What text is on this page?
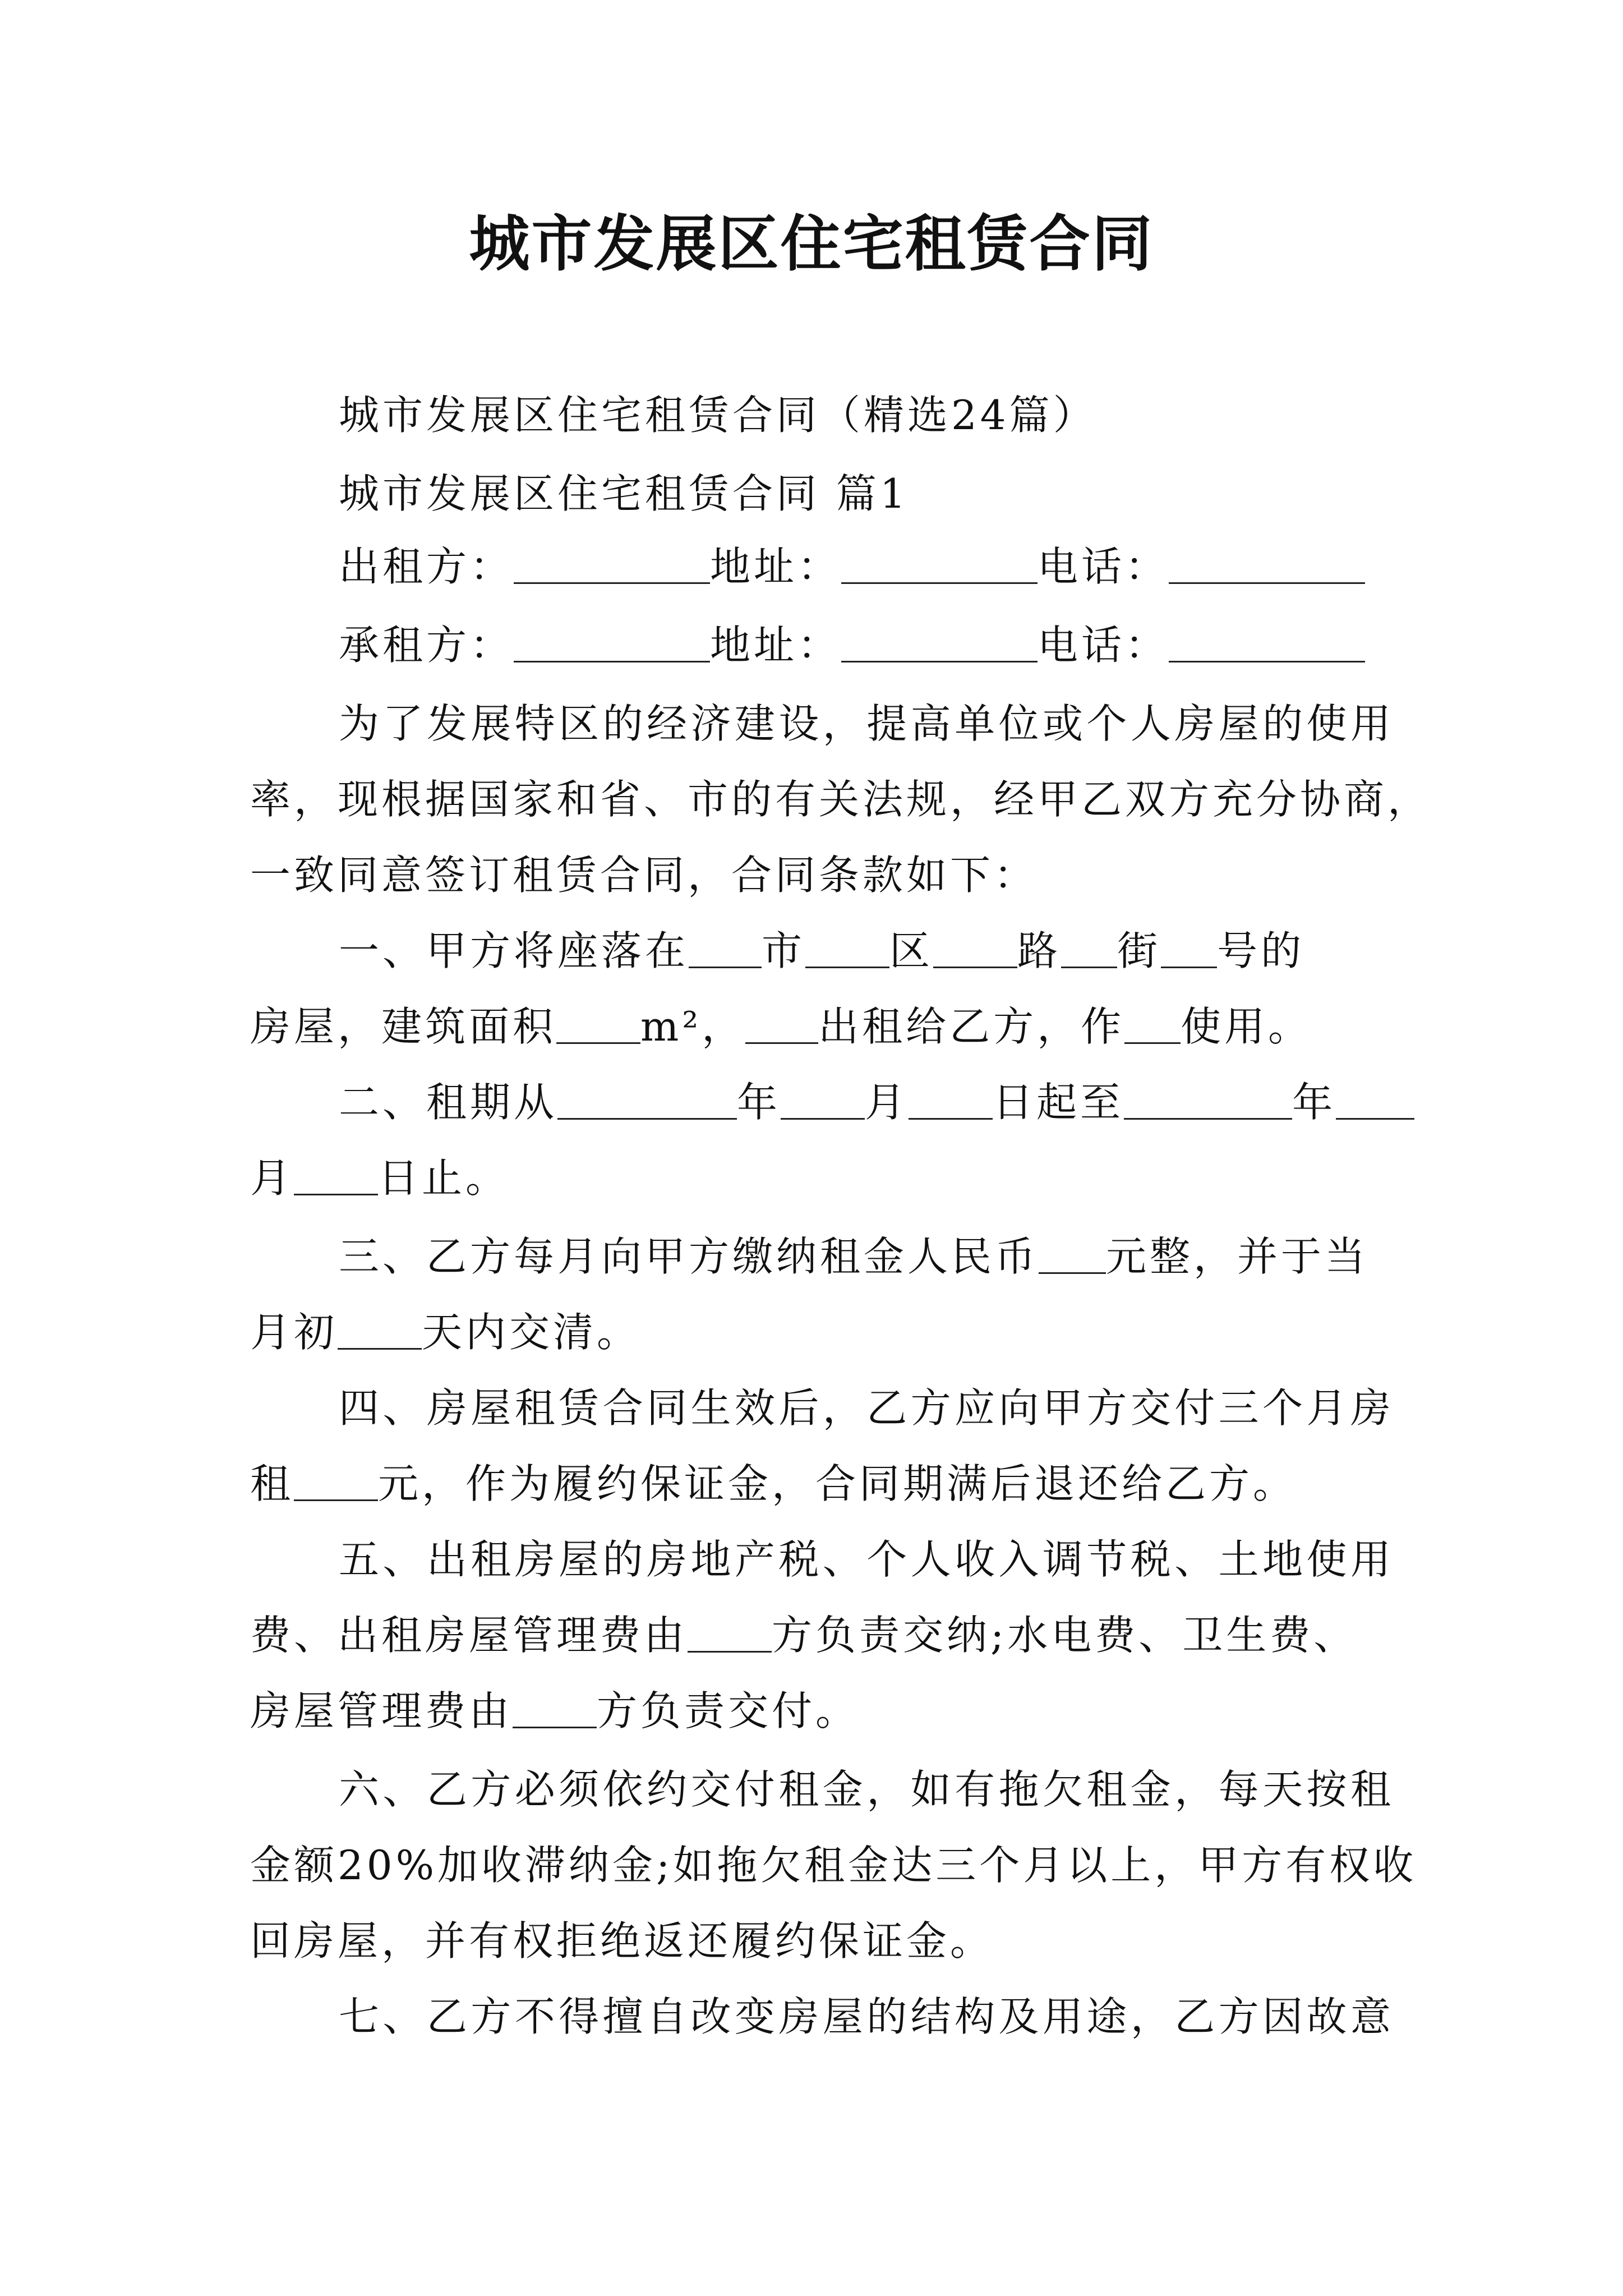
城市发展区住宅租赁合同
城市发展区住宅租赁合同（精选24篇）
城市发展区住宅租赁合同 篇1
出租方：	地址：	电话：
承租方：	地址：	电话：
为了发展特区的经济建设，提高单位或个人房屋的使用
率，现根据国家和省、市的有关法规，经甲乙双方充分协商，
一致同意签订租赁合同，合同条款如下：
一、甲方将座落在 市 区 路 街 号的
房屋，建筑面积 m²， 出租给乙方，作 使用。
二、租期从	年 月 日起至	年
月 日止。
三、乙方每月向甲方缴纳租金人民币 元整，并于当
月初 天内交清。
四、房屋租赁合同生效后，乙方应向甲方交付三个月房
租 元，作为履约保证金，合同期满后退还给乙方。
五、出租房屋的房地产税、个人收入调节税、土地使用
费、出租房屋管理费由 方负责交纳;水电费、卫生费、
房屋管理费由 方负责交付。
六、乙方必须依约交付租金，如有拖欠租金，每天按租
金额20%加收滞纳金;如拖欠租金达三个月以上，甲方有权收
回房屋，并有权拒绝返还履约保证金。
七、乙方不得擅自改变房屋的结构及用途，乙方因故意
